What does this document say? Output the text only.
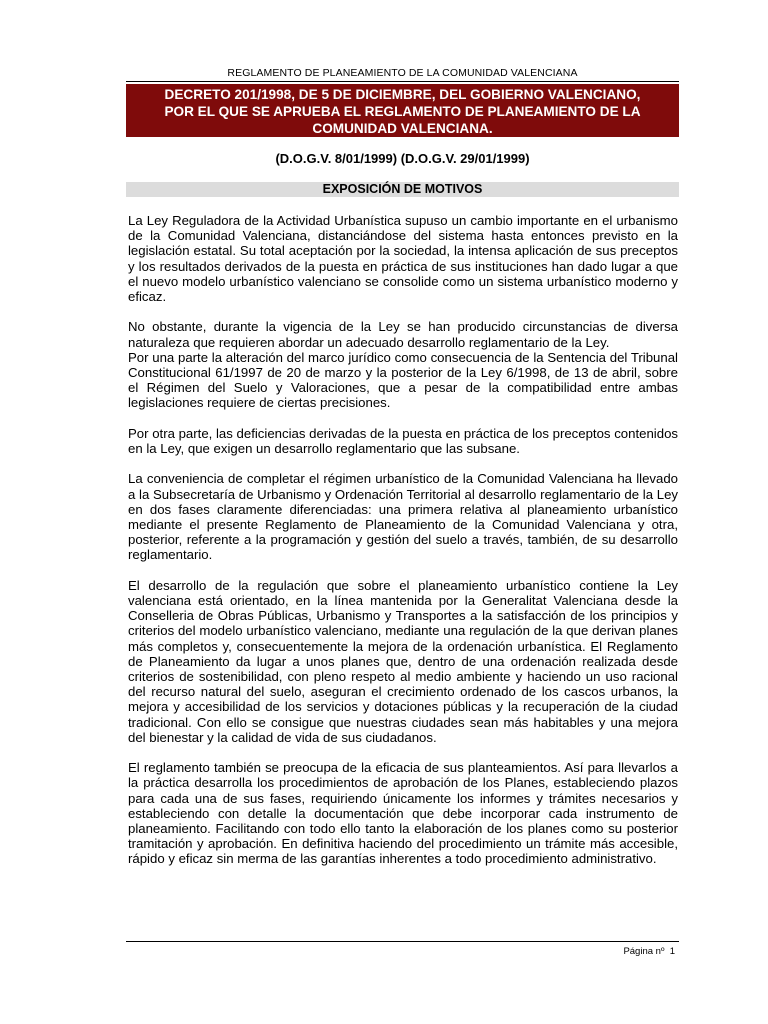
REGLAMENTO DE PLANEAMIENTO DE LA COMUNIDAD VALENCIANA
DECRETO 201/1998, DE 5 DE DICIEMBRE, DEL GOBIERNO VALENCIANO,
POR EL QUE SE APRUEBA EL REGLAMENTO DE PLANEAMIENTO DE LA
COMUNIDAD VALENCIANA.
(D.O.G.V. 8/01/1999) (D.O.G.V. 29/01/1999)
EXPOSICIÓN DE MOTIVOS

La Ley Reguladora de la Actividad Urbanística supuso un cambio importante en el urbanismo de la Comunidad Valenciana, distanciándose del sistema hasta entonces previsto en la legislación estatal. Su total aceptación por la sociedad, la intensa aplicación de sus preceptos y los resultados derivados de la puesta en práctica de sus instituciones han dado lugar a que el nuevo modelo urbanístico valenciano se consolide como un sistema urbanístico moderno y eficaz.

No obstante, durante la vigencia de la Ley se han producido circunstancias de diversa naturaleza que requieren abordar un adecuado desarrollo reglamentario de la Ley.

Por una parte la alteración del marco jurídico como consecuencia de la Sentencia del Tribunal Constitucional 61/1997 de 20 de marzo y la posterior de la Ley 6/1998, de 13 de abril, sobre el Régimen del Suelo y Valoraciones, que a pesar de la compatibilidad entre ambas legislaciones requiere de ciertas precisiones.

Por otra parte, las deficiencias derivadas de la puesta en práctica de los preceptos contenidos en la Ley, que exigen un desarrollo reglamentario que las subsane.

La conveniencia de completar el régimen urbanístico de la Comunidad Valenciana ha llevado a la Subsecretaría de Urbanismo y Ordenación Territorial al desarrollo reglamentario de la Ley en dos fases claramente diferenciadas: una primera relativa al planeamiento urbanístico mediante el presente Reglamento de Planeamiento de la Comunidad Valenciana y otra, posterior, referente a la programación y gestión del suelo a través, también, de su desarrollo reglamentario.

El desarrollo de la regulación que sobre el planeamiento urbanístico contiene la Ley valenciana está orientado, en la línea mantenida por la Generalitat Valenciana desde la Conselleria de Obras Públicas, Urbanismo y Transportes a la satisfacción de los principios y criterios del modelo urbanístico valenciano, mediante una regulación de la que derivan planes más completos y, consecuentemente la mejora de la ordenación urbanística. El Reglamento de Planeamiento da lugar a unos planes que, dentro de una ordenación realizada desde criterios de sostenibilidad, con pleno respeto al medio ambiente y haciendo un uso racional del recurso natural del suelo, aseguran el crecimiento ordenado de los cascos urbanos, la mejora y accesibilidad de los servicios y dotaciones públicas y la recuperación de la ciudad tradicional. Con ello se consigue que nuestras ciudades sean más habitables y una mejora del bienestar y la calidad de vida de sus ciudadanos.

El reglamento también se preocupa de la eficacia de sus planteamientos. Así para llevarlos a la práctica desarrolla los procedimientos de aprobación de los Planes, estableciendo plazos para cada una de sus fases, requiriendo únicamente los informes y trámites necesarios y estableciendo con detalle la documentación que debe incorporar cada instrumento de planeamiento. Facilitando con todo ello tanto la elaboración de los planes como su posterior tramitación y aprobación. En definitiva haciendo del procedimiento un trámite más accesible, rápido y eficaz sin merma de las garantías inherentes a todo procedimiento administrativo.

Página nº 1
